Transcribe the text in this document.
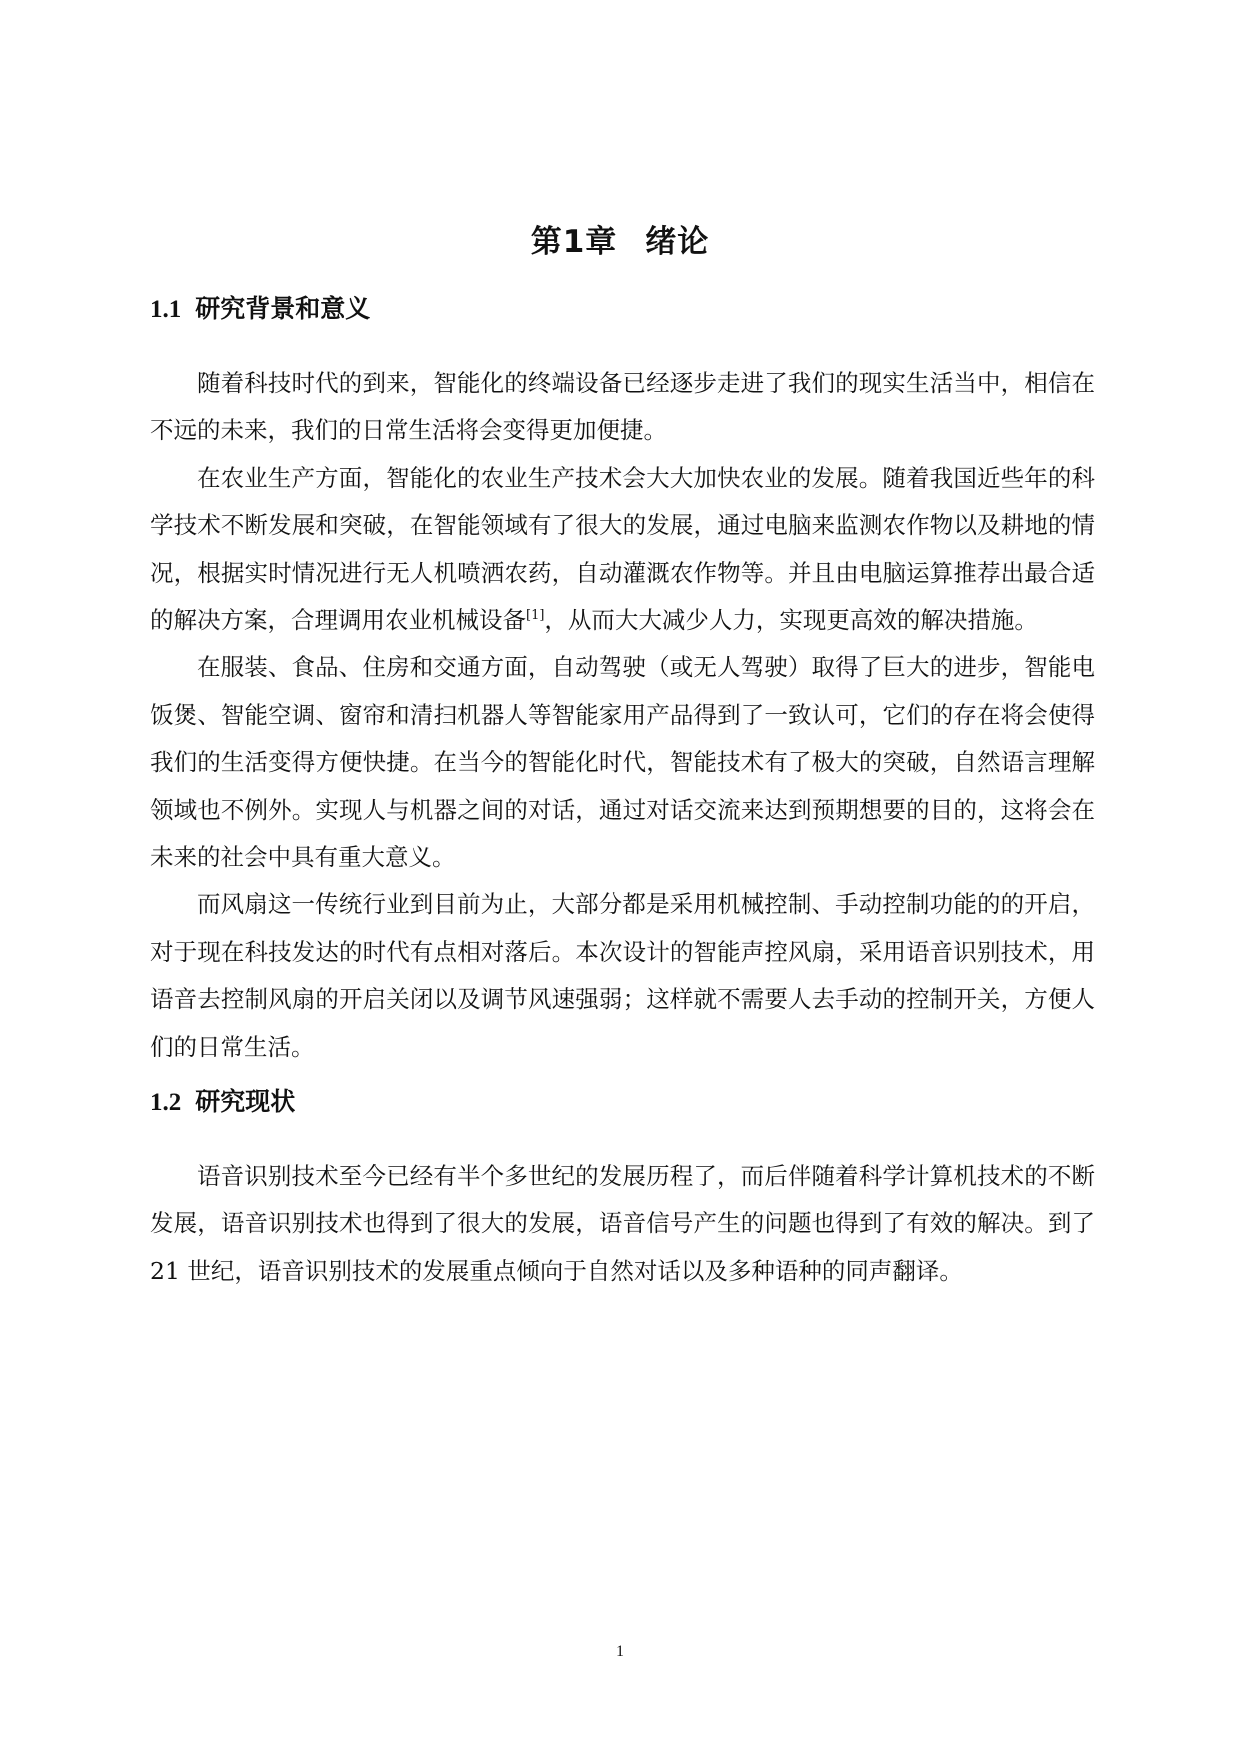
第1章 绪论
1.1 研究背景和意义

随着科技时代的到来，智能化的终端设备已经逐步走进了我们的现实生活当中，相信在不远的未来，我们的日常生活将会变得更加便捷。

在农业生产方面，智能化的农业生产技术会大大加快农业的发展。随着我国近些年的科学技术不断发展和突破，在智能领域有了很大的发展，通过电脑来监测农作物以及耕地的情况，根据实时情况进行无人机喷洒农药，自动灌溉农作物等。并且由电脑运算推荐出最合适的解决方案，合理调用农业机械设备[1]，从而大大减少人力，实现更高效的解决措施。

在服装、食品、住房和交通方面，自动驾驶（或无人驾驶）取得了巨大的进步，智能电饭煲、智能空调、窗帘和清扫机器人等智能家用产品得到了一致认可，它们的存在将会使得我们的生活变得方便快捷。在当今的智能化时代，智能技术有了极大的突破，自然语言理解领域也不例外。实现人与机器之间的对话，通过对话交流来达到预期想要的目的，这将会在未来的社会中具有重大意义。

而风扇这一传统行业到目前为止，大部分都是采用机械控制、手动控制功能的的开启，对于现在科技发达的时代有点相对落后。本次设计的智能声控风扇，采用语音识别技术，用语音去控制风扇的开启关闭以及调节风速强弱；这样就不需要人去手动的控制开关，方便人们的日常生活。

1.2 研究现状

语音识别技术至今已经有半个多世纪的发展历程了，而后伴随着科学计算机技术的不断发展，语音识别技术也得到了很大的发展，语音信号产生的问题也得到了有效的解决。到了 21 世纪，语音识别技术的发展重点倾向于自然对话以及多种语种的同声翻译。

1
